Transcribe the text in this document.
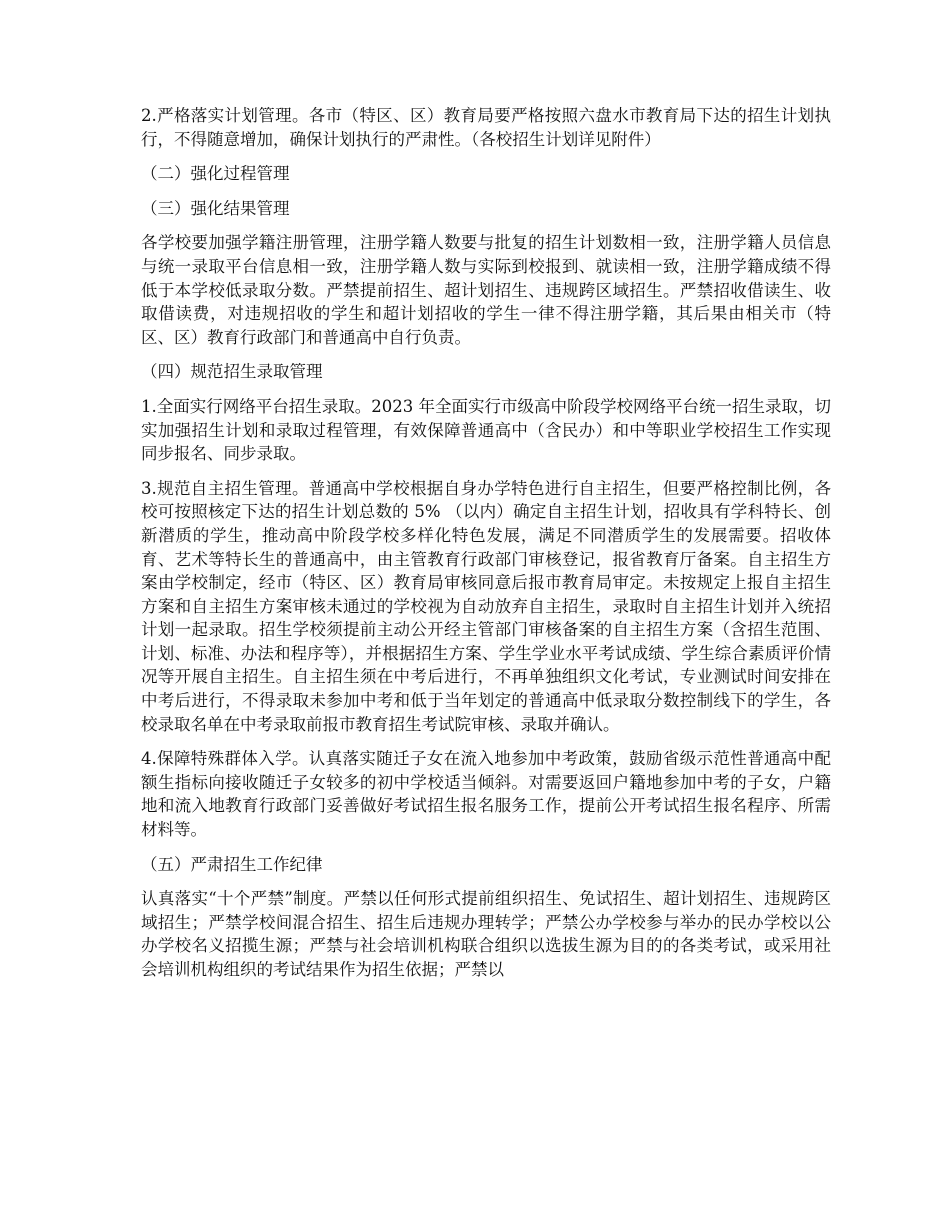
2.严格落实计划管理。各市（特区、区）教育局要严格按照六盘水市教育局下达的招生计划执行，不得随意增加，确保计划执行的严肃性。（各校招生计划详见附件）

（二）强化过程管理

（三）强化结果管理

各学校要加强学籍注册管理，注册学籍人数要与批复的招生计划数相一致，注册学籍人员信息与统一录取平台信息相一致，注册学籍人数与实际到校报到、就读相一致，注册学籍成绩不得低于本学校低录取分数。严禁提前招生、超计划招生、违规跨区域招生。严禁招收借读生、收取借读费，对违规招收的学生和超计划招收的学生一律不得注册学籍，其后果由相关市（特区、区）教育行政部门和普通高中自行负责。

（四）规范招生录取管理

1.全面实行网络平台招生录取。2023 年全面实行市级高中阶段学校网络平台统一招生录取，切实加强招生计划和录取过程管理，有效保障普通高中（含民办）和中等职业学校招生工作实现同步报名、同步录取。

3.规范自主招生管理。普通高中学校根据自身办学特色进行自主招生，但要严格控制比例，各校可按照核定下达的招生计划总数的 5% （以内）确定自主招生计划，招收具有学科特长、创新潜质的学生，推动高中阶段学校多样化特色发展，满足不同潜质学生的发展需要。招收体育、艺术等特长生的普通高中，由主管教育行政部门审核登记，报省教育厅备案。自主招生方案由学校制定，经市（特区、区）教育局审核同意后报市教育局审定。未按规定上报自主招生方案和自主招生方案审核未通过的学校视为自动放弃自主招生，录取时自主招生计划并入统招计划一起录取。招生学校须提前主动公开经主管部门审核备案的自主招生方案（含招生范围、计划、标准、办法和程序等），并根据招生方案、学生学业水平考试成绩、学生综合素质评价情况等开展自主招生。自主招生须在中考后进行，不再单独组织文化考试，专业测试时间安排在中考后进行，不得录取未参加中考和低于当年划定的普通高中低录取分数控制线下的学生，各校录取名单在中考录取前报市教育招生考试院审核、录取并确认。

4.保障特殊群体入学。认真落实随迁子女在流入地参加中考政策，鼓励省级示范性普通高中配额生指标向接收随迁子女较多的初中学校适当倾斜。对需要返回户籍地参加中考的子女，户籍地和流入地教育行政部门妥善做好考试招生报名服务工作，提前公开考试招生报名程序、所需材料等。

（五）严肃招生工作纪律

认真落实“十个严禁”制度。严禁以任何形式提前组织招生、免试招生、超计划招生、违规跨区域招生；严禁学校间混合招生、招生后违规办理转学；严禁公办学校参与举办的民办学校以公办学校名义招揽生源；严禁与社会培训机构联合组织以选拔生源为目的的各类考试，或采用社会培训机构组织的考试结果作为招生依据；严禁以
